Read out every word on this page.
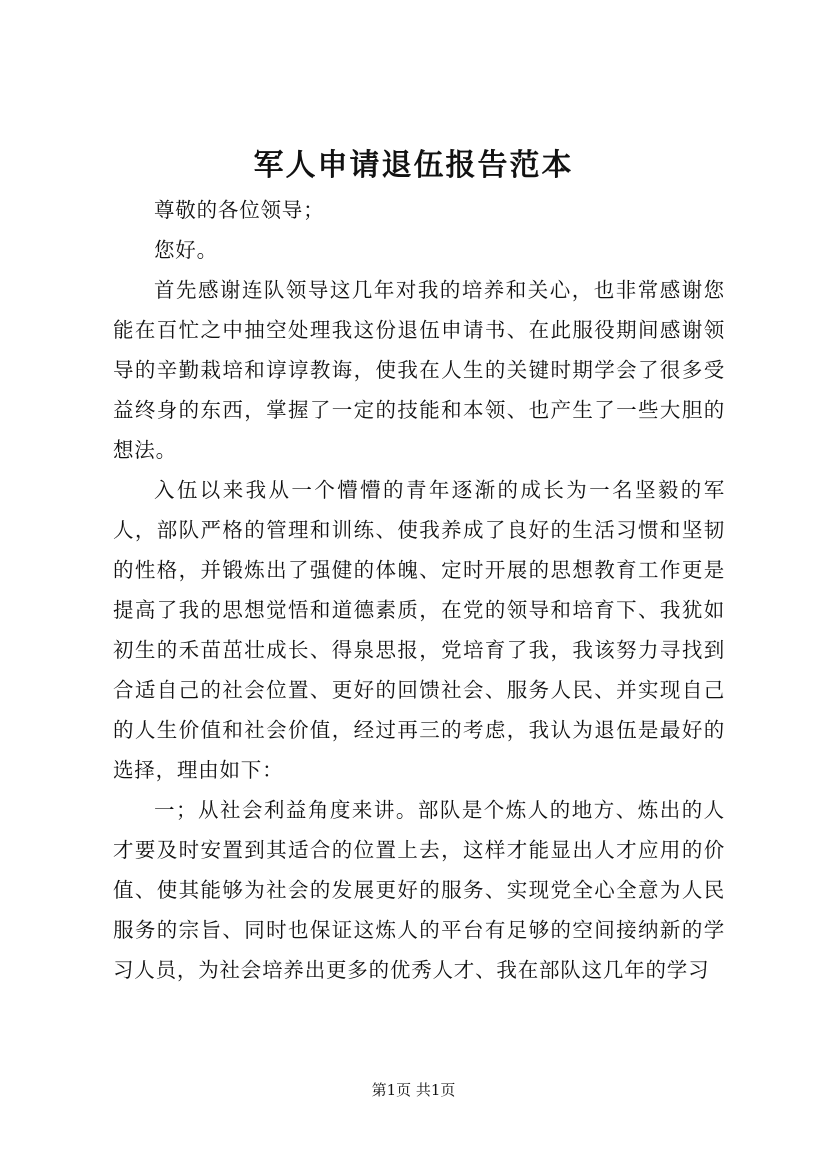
军人申请退伍报告范本

尊敬的各位领导；

您好。

首先感谢连队领导这几年对我的培养和关心，也非常感谢您能在百忙之中抽空处理我这份退伍申请书、在此服役期间感谢领导的辛勤栽培和谆谆教诲，使我在人生的关键时期学会了很多受益终身的东西，掌握了一定的技能和本领、也产生了一些大胆的想法。

入伍以来我从一个懵懵的青年逐渐的成长为一名坚毅的军人，部队严格的管理和训练、使我养成了良好的生活习惯和坚韧的性格，并锻炼出了强健的体魄、定时开展的思想教育工作更是提高了我的思想觉悟和道德素质，在党的领导和培育下、我犹如初生的禾苗茁壮成长、得泉思报，党培育了我，我该努力寻找到合适自己的社会位置、更好的回馈社会、服务人民、并实现自己的人生价值和社会价值，经过再三的考虑，我认为退伍是最好的选择，理由如下：

一；从社会利益角度来讲。部队是个炼人的地方、炼出的人才要及时安置到其适合的位置上去，这样才能显出人才应用的价值、使其能够为社会的发展更好的服务、实现党全心全意为人民服务的宗旨、同时也保证这炼人的平台有足够的空间接纳新的学习人员，为社会培养出更多的优秀人才、我在部队这几年的学习

第1页 共1页
